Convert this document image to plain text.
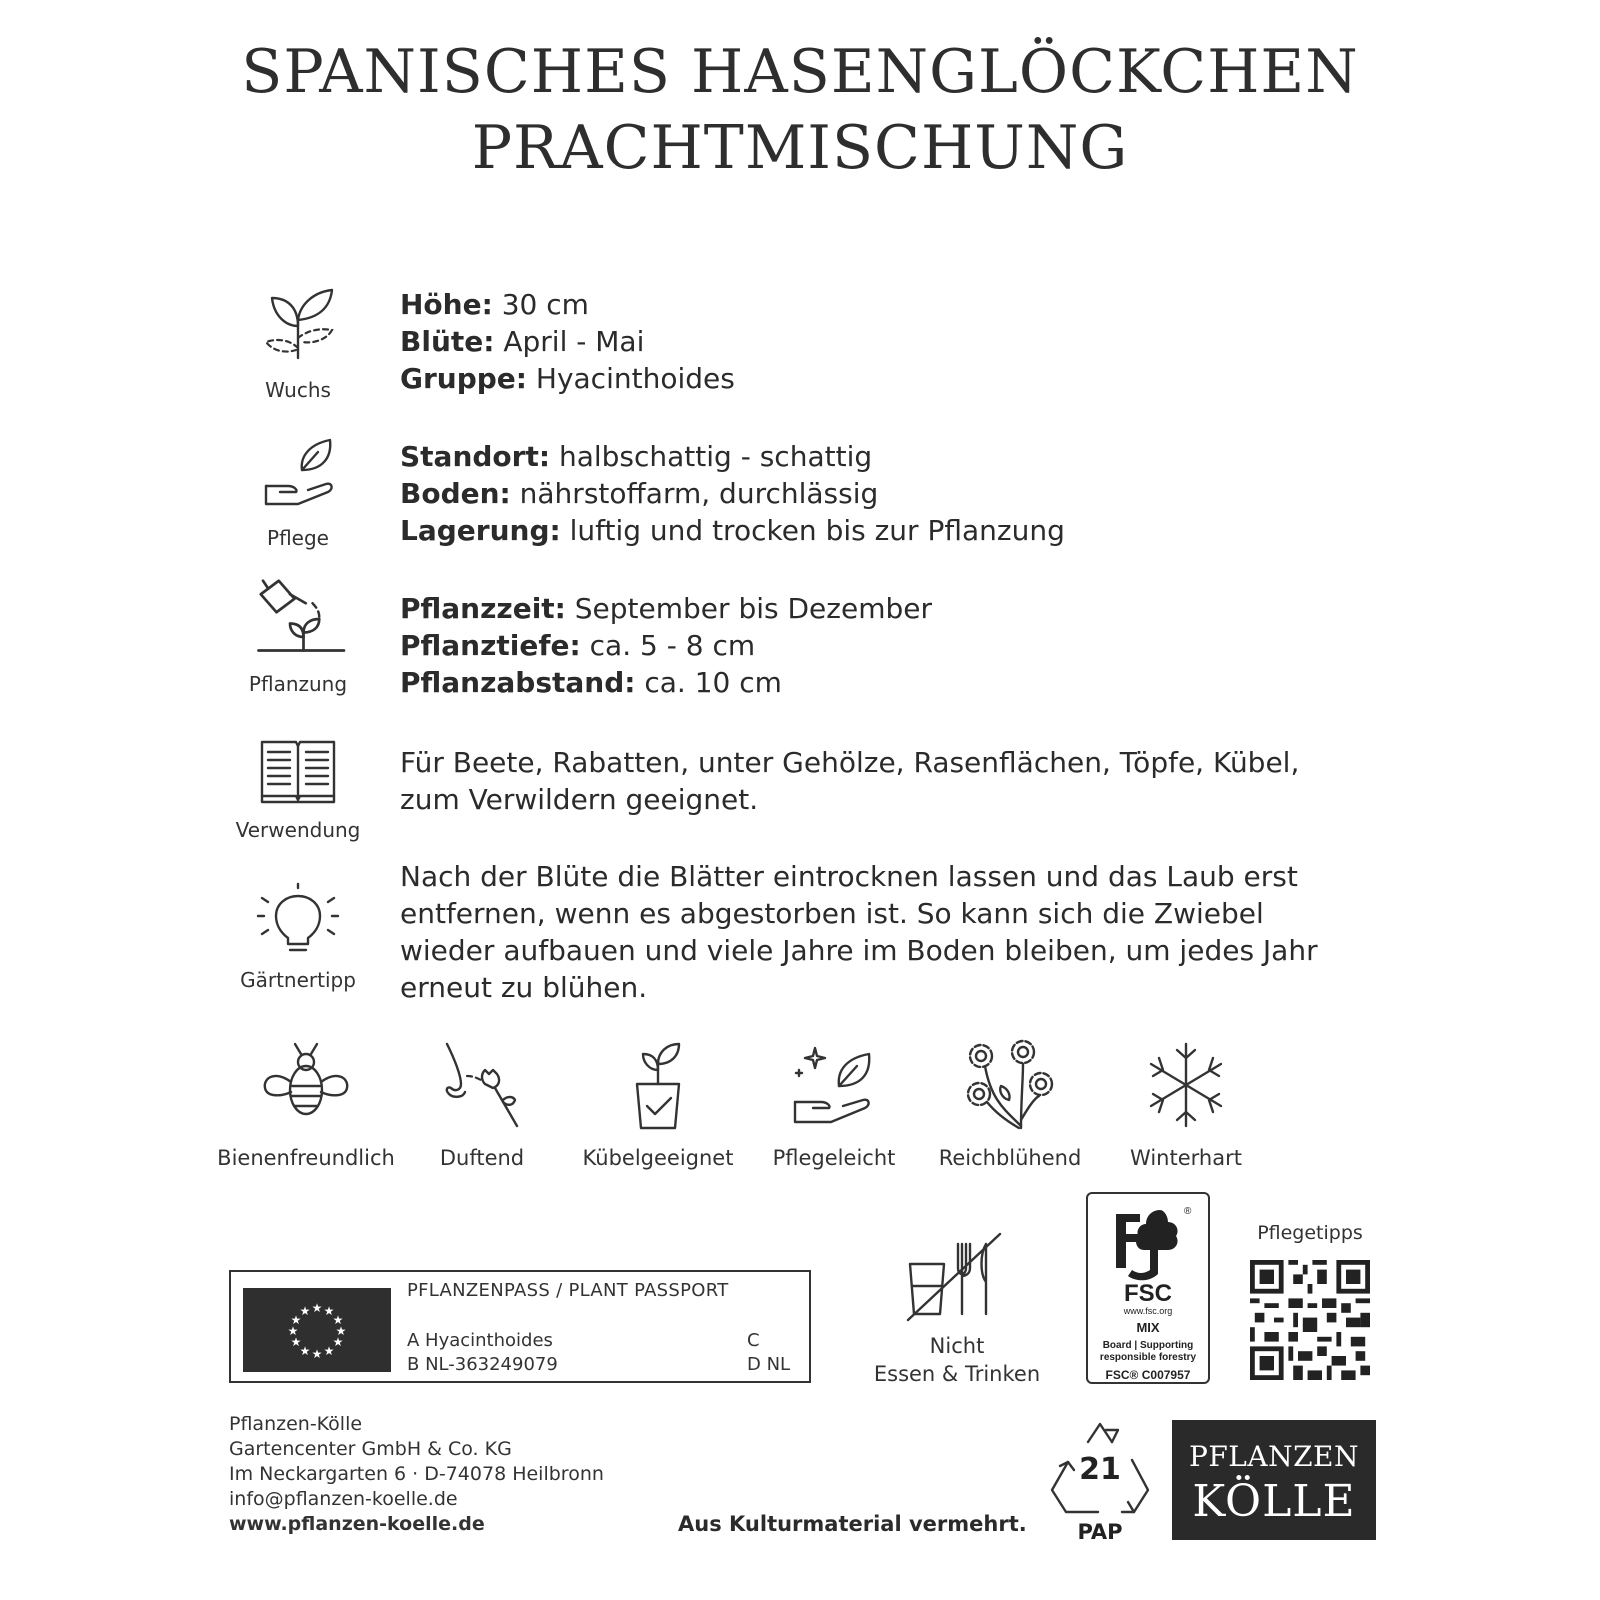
SPANISCHES HASENGLÖCKCHEN
PRACHTMISCHUNG
Wuchs
Höhe: 30 cm
Blüte: April - Mai
Gruppe: Hyacinthoides
Pflege
Standort: halbschattig - schattig
Boden: nährstoffarm, durchlässig
Lagerung: luftig und trocken bis zur Pflanzung
Pflanzung
Pflanzzeit: September bis Dezember
Pflanztiefe: ca. 5 - 8 cm
Pflanzabstand: ca. 10 cm
Verwendung
Für Beete, Rabatten, unter Gehölze, Rasenflächen, Töpfe, Kübel, zum Verwildern geeignet.
Gärtnertipp
Nach der Blüte die Blätter eintrocknen lassen und das Laub erst entfernen, wenn es abgestorben ist. So kann sich die Zwiebel wieder aufbauen und viele Jahre im Boden bleiben, um jedes Jahr erneut zu blühen.
Bienenfreundlich	Duftend	Kübelgeeignet	Pflegeleicht	Reichblühend	Winterhart
★ ★
★
★
★
★
★
★
★
★
★
★
PFLANZENPASS / PLANT PASSPORT
A Hyacinthoides
B NL-363249079
C
D NL
Nicht
Essen & Trinken
®
FSC
www.fsc.org
MIX
Board | Supporting
responsible forestry
FSC® C007957
Pflegetipps
Pflanzen-Kölle
Gartencenter GmbH & Co. KG
Im Neckargarten 6 · D-74078 Heilbronn
info@pflanzen-koelle.de
www.pflanzen-koelle.de	Aus Kulturmaterial vermehrt.
21
PAP
PFLANZEN
KÖLLE
